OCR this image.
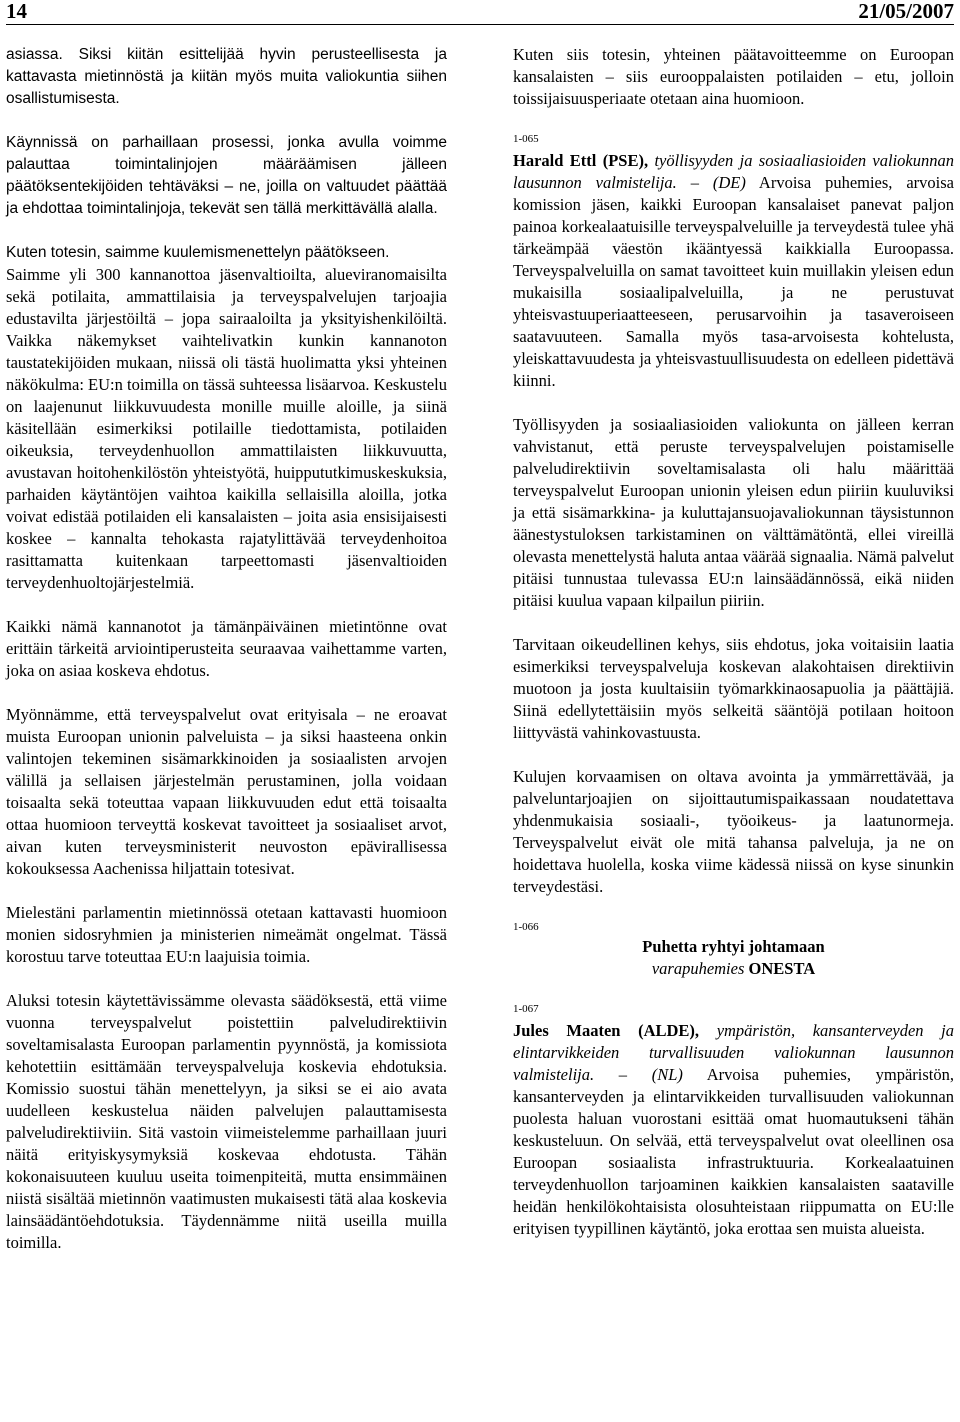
14	21/05/2007

asiassa. Siksi kiitän esittelijää hyvin perusteellisesta ja kattavasta mietinnöstä ja kiitän myös muita valiokuntia siihen osallistumisesta.

Käynnissä on parhaillaan prosessi, jonka avulla voimme palauttaa toimintalinjojen määräämisen jälleen päätöksentekijöiden tehtäväksi – ne, joilla on valtuudet päättää ja ehdottaa toimintalinjoja, tekevät sen tällä merkittävällä alalla.

Kuten totesin, saimme kuulemismenettelyn päätökseen.

Saimme yli 300 kannanottoa jäsenvaltioilta, alueviranomaisilta sekä potilaita, ammattilaisia ja terveyspalvelujen tarjoajia edustavilta järjestöiltä – jopa sairaaloilta ja yksityishenkilöiltä. Vaikka näkemykset vaihtelivatkin kunkin kannanoton taustatekijöiden mukaan, niissä oli tästä huolimatta yksi yhteinen näkökulma: EU:n toimilla on tässä suhteessa lisäarvoa. Keskustelu on laajenunut liikkuvuudesta monille muille aloille, ja siinä käsitellään esimerkiksi potilaille tiedottamista, potilaiden oikeuksia, terveydenhuollon ammattilaisten liikkuvuutta, avustavan hoitohenkilöstön yhteistyötä, huippututkimuskeskuksia, parhaiden käytäntöjen vaihtoa kaikilla sellaisilla aloilla, jotka voivat edistää potilaiden eli kansalaisten – joita asia ensisijaisesti koskee – kannalta tehokasta rajatylittävää terveydenhoitoa rasittamatta kuitenkaan tarpeettomasti jäsenvaltioiden terveydenhuoltojärjestelmiä.

Kaikki nämä kannanotot ja tämänpäiväinen mietintönne ovat erittäin tärkeitä arviointiperusteita seuraavaa vaihettamme varten, joka on asiaa koskeva ehdotus.

Myönnämme, että terveyspalvelut ovat erityisala – ne eroavat muista Euroopan unionin palveluista – ja siksi haasteena onkin valintojen tekeminen sisämarkkinoiden ja sosiaalisten arvojen välillä ja sellaisen järjestelmän perustaminen, jolla voidaan toisaalta sekä toteuttaa vapaan liikkuvuuden edut että toisaalta ottaa huomioon terveyttä koskevat tavoitteet ja sosiaaliset arvot, aivan kuten terveysministerit neuvoston epävirallisessa kokouksessa Aachenissa hiljattain totesivat.

Mielestäni parlamentin mietinnössä otetaan kattavasti huomioon monien sidosryhmien ja ministerien nimeämät ongelmat. Tässä korostuu tarve toteuttaa EU:n laajuisia toimia.

Aluksi totesin käytettävissämme olevasta säädöksestä, että viime vuonna terveyspalvelut poistettiin palveludirektiivin soveltamisalasta Euroopan parlamentin pyynnöstä, ja komissiota kehotettiin esittämään terveyspalveluja koskevia ehdotuksia. Komissio suostui tähän menettelyyn, ja siksi se ei aio avata uudelleen keskustelua näiden palvelujen palauttamisesta palveludirektiiviin. Sitä vastoin viimeistelemme parhaillaan juuri näitä erityiskysymyksiä koskevaa ehdotusta. Tähän kokonaisuuteen kuuluu useita toimenpiteitä, mutta ensimmäinen niistä sisältää mietinnön vaatimusten mukaisesti tätä alaa koskevia lainsäädäntöehdotuksia. Täydennämme niitä useilla muilla toimilla.

Kuten siis totesin, yhteinen päätavoitteemme on Euroopan kansalaisten – siis eurooppalaisten potilaiden – etu, jolloin toissijaisuusperiaate otetaan aina huomioon.

1-065

Harald Ettl (PSE), työllisyyden ja sosiaaliasioiden valiokunnan lausunnon valmistelija. – (DE) Arvoisa puhemies, arvoisa komission jäsen, kaikki Euroopan kansalaiset panevat paljon painoa korkealaatuisille terveyspalveluille ja terveydestä tulee yhä tärkeämpää väestön ikääntyessä kaikkialla Euroopassa. Terveyspalveluilla on samat tavoitteet kuin muillakin yleisen edun mukaisilla sosiaalipalveluilla, ja ne perustuvat yhteisvastuuperiaatteeseen, perusarvoihin ja tasaveroiseen saatavuuteen. Samalla myös tasa-arvoisesta kohtelusta, yleiskattavuudesta ja yhteisvastuullisuudesta on edelleen pidettävä kiinni.

Työllisyyden ja sosiaaliasioiden valiokunta on jälleen kerran vahvistanut, että peruste terveyspalvelujen poistamiselle palveludirektiivin soveltamisalasta oli halu määrittää terveyspalvelut Euroopan unionin yleisen edun piiriin kuuluviksi ja että sisämarkkina- ja kuluttajansuojavaliokunnan täysistunnon äänestystuloksen tarkistaminen on välttämätöntä, ellei vireillä olevasta menettelystä haluta antaa väärää signaalia. Nämä palvelut pitäisi tunnustaa tulevassa EU:n lainsäädännössä, eikä niiden pitäisi kuulua vapaan kilpailun piiriin.

Tarvitaan oikeudellinen kehys, siis ehdotus, joka voitaisiin laatia esimerkiksi terveyspalveluja koskevan alakohtaisen direktiivin muotoon ja josta kuultaisiin työmarkkinaosapuolia ja päättäjiä. Siinä edellytettäisiin myös selkeitä sääntöjä potilaan hoitoon liittyvästä vahinkovastuusta.

Kulujen korvaamisen on oltava avointa ja ymmärrettävää, ja palveluntarjoajien on sijoittautumispaikassaan noudatettava yhdenmukaisia sosiaali-, työoikeus- ja laatunormeja. Terveyspalvelut eivät ole mitä tahansa palveluja, ja ne on hoidettava huolella, koska viime kädessä niissä on kyse sinunkin terveydestäsi.

1-066

Puhetta ryhtyi johtamaan
varapuhemies ONESTA

1-067

Jules Maaten (ALDE), ympäristön, kansanterveyden ja elintarvikkeiden turvallisuuden valiokunnan lausunnon valmistelija. – (NL) Arvoisa puhemies, ympäristön, kansanterveyden ja elintarvikkeiden turvallisuuden valiokunnan puolesta haluan vuorostani esittää omat huomautukseni tähän keskusteluun. On selvää, että terveyspalvelut ovat oleellinen osa Euroopan sosiaalista infrastruktuuria. Korkealaatuinen terveydenhuollon tarjoaminen kaikkien kansalaisten saataville heidän henkilökohtaisista olosuhteistaan riippumatta on EU:lle erityisen tyypillinen käytäntö, joka erottaa sen muista alueista.
